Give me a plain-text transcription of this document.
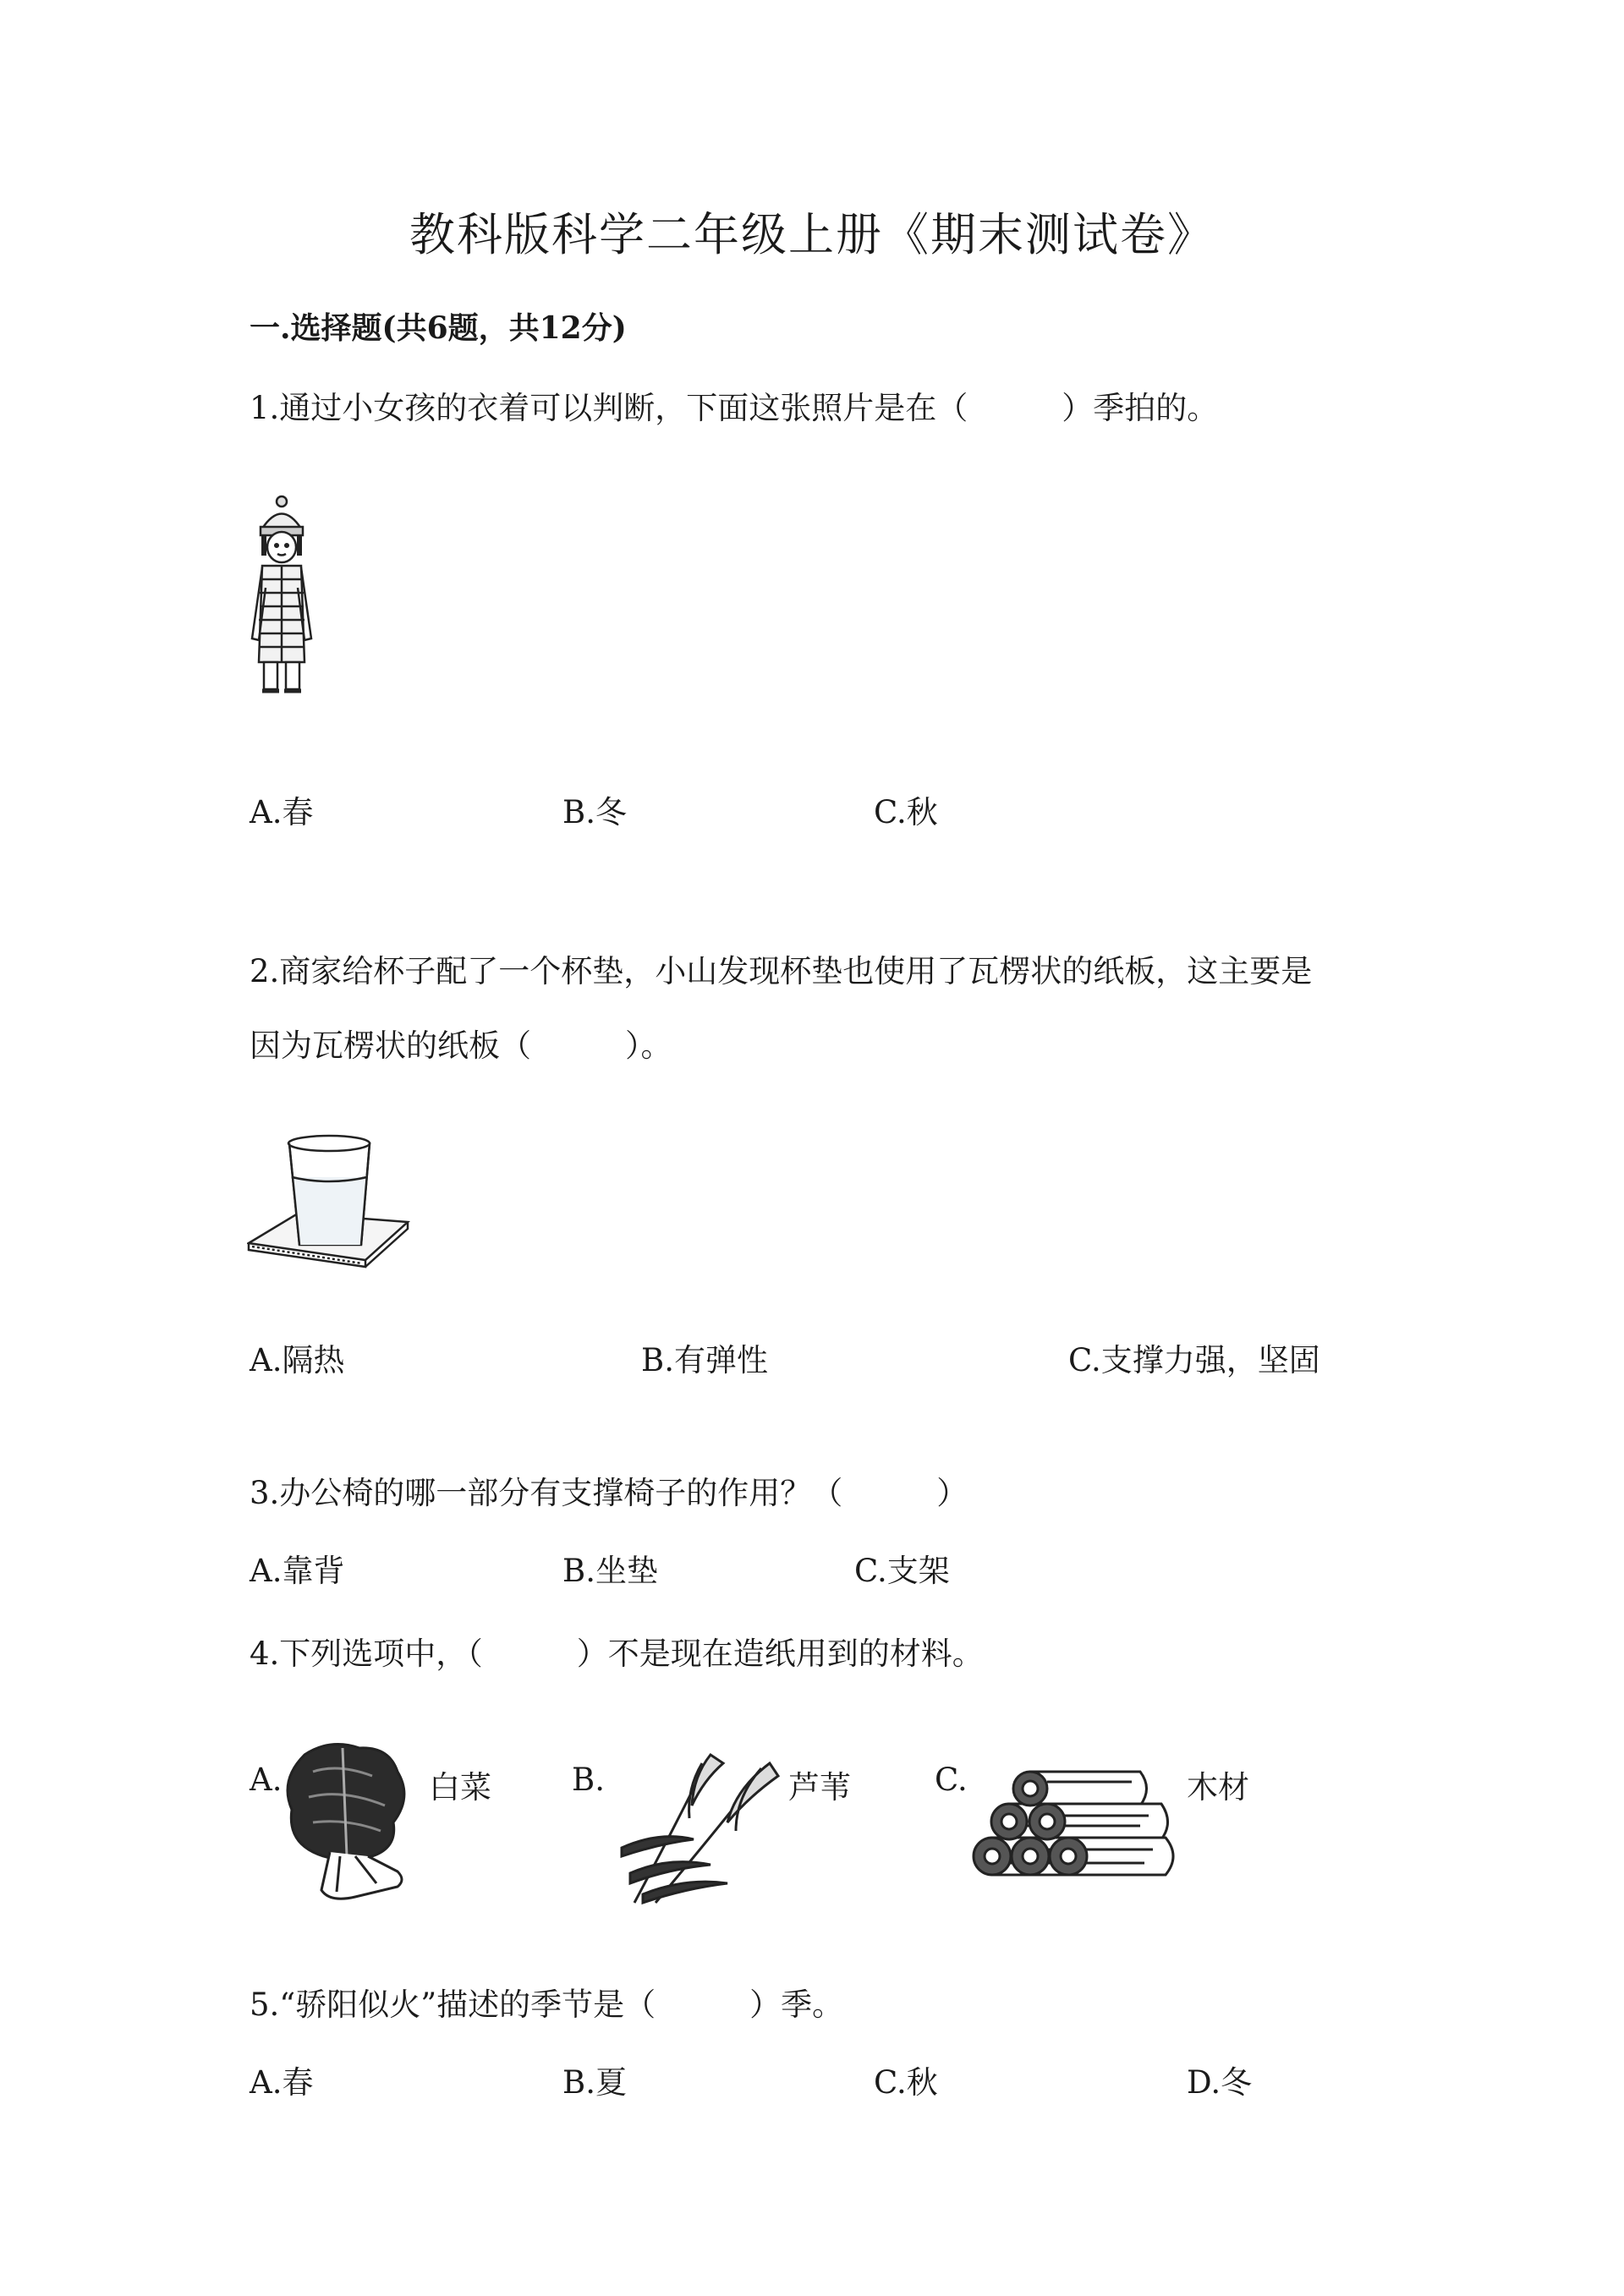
教科版科学二年级上册《期末测试卷》
一.选择题(共6题，共12分)
1.通过小女孩的衣着可以判断，下面这张照片是在（　　　）季拍的。
A.春	B.冬	C.秋
2.商家给杯子配了一个杯垫，小山发现杯垫也使用了瓦楞状的纸板，这主要是
因为瓦楞状的纸板（　　　）。
A.隔热	B.有弹性	C.支撑力强，坚固
3.办公椅的哪一部分有支撑椅子的作用？（　　　）
A.靠背	B.坐垫	C.支架
4.下列选项中，（　　　）不是现在造纸用到的材料。
A.	白菜	B.	芦苇	C.	木材
5.“骄阳似火”描述的季节是（　　　）季。
A.春	B.夏	C.秋	D.冬
